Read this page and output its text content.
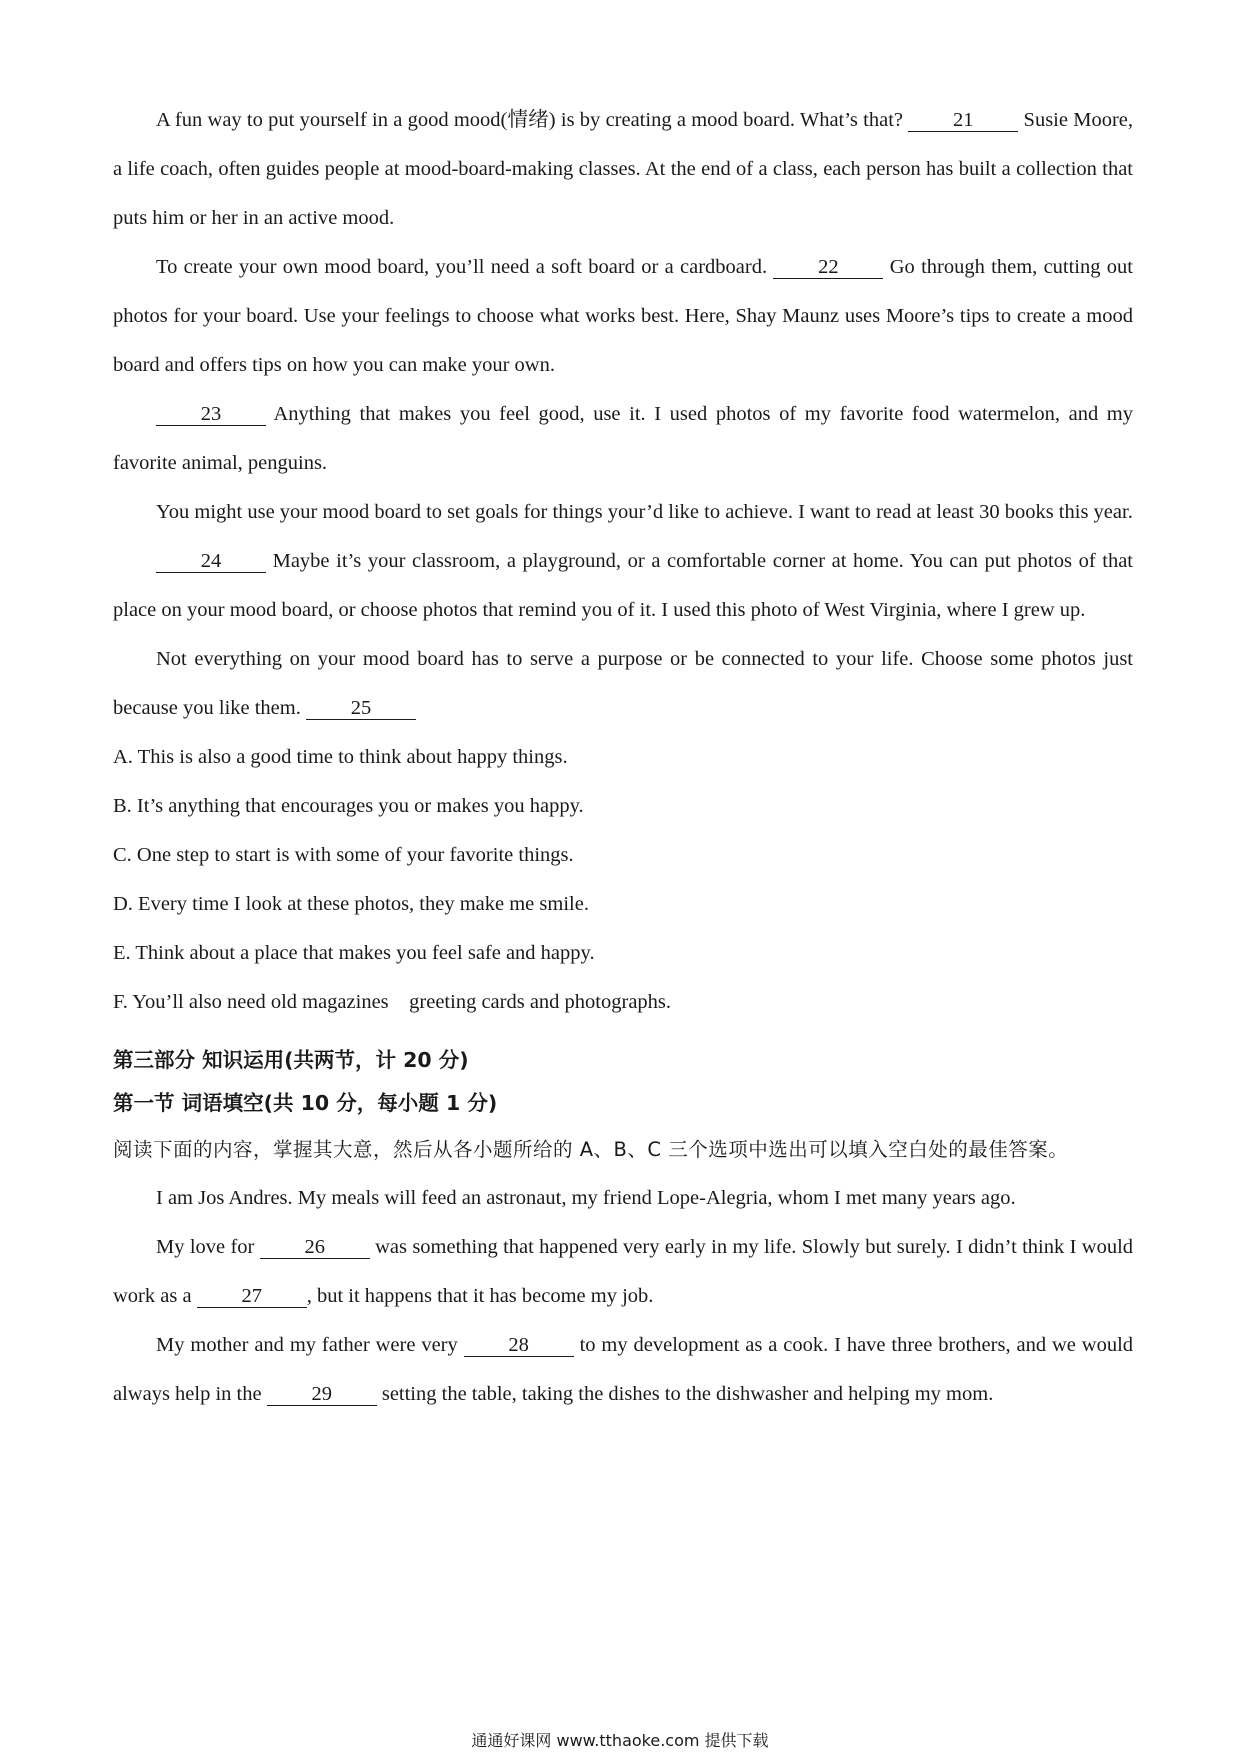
A fun way to put yourself in a good mood(情绪) is by creating a mood board. What’s that? 21 Susie Moore, a life coach, often guides people at mood-board-making classes. At the end of a class, each person has built a collection that puts him or her in an active mood.

To create your own mood board, you’ll need a soft board or a cardboard. 22 Go through them, cutting out photos for your board. Use your feelings to choose what works best. Here, Shay Maunz uses Moore’s tips to create a mood board and offers tips on how you can make your own.

23	Anything that makes you feel good, use it. I used photos of my favorite food watermelon, and my favorite animal, penguins.

You might use your mood board to set goals for things your’d like to achieve. I want to read at least 30 books this year.

24	Maybe it’s your classroom, a playground, or a comfortable corner at home. You can put photos of that place on your mood board, or choose photos that remind you of it. I used this photo of West Virginia, where I grew up.

Not everything on your mood board has to serve a purpose or be connected to your life. Choose some photos just because you like them. 25

A. This is also a good time to think about happy things.

B. It’s anything that encourages you or makes you happy.

C. One step to start is with some of your favorite things.

D. Every time I look at these photos, they make me smile.

E. Think about a place that makes you feel safe and happy.

F. You’ll also need old magazines    greeting cards and photographs.

第三部分 知识运用(共两节，计 20 分)

第一节 词语填空(共 10 分，每小题 1 分)

阅读下面的内容，掌握其大意，然后从各小题所给的 A、B、C 三个选项中选出可以填入空白处的最佳答案。

I am Jos Andres. My meals will feed an astronaut, my friend Lope-Alegria, whom I met many years ago.

My love for 26 was something that happened very early in my life. Slowly but surely. I didn’t think I would work as a 27 , but it happens that it has become my job.

My mother and my father were very 28 to my development as a cook. I have three brothers, and we would always help in the 29 setting the table, taking the dishes to the dishwasher and helping my mom.

通通好课网 www.tthaoke.com 提供下载
